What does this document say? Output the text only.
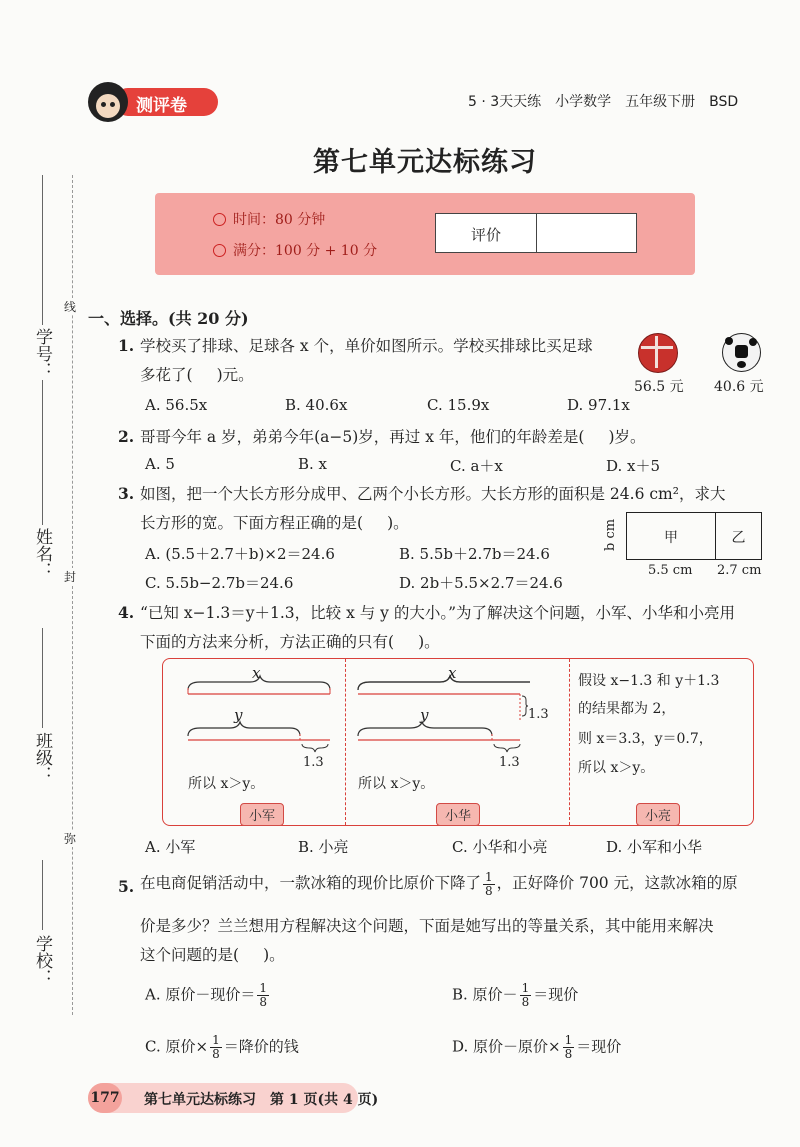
学校：
班级：
姓名：
学号：
线
封
弥
测评卷	5 · 3天天练　小学数学　五年级下册　BSD
第七单元达标练习
时间：80 分钟
满分：100 分 + 10 分
评价
一、选择。(共 20 分)
1. 学校买了排球、足球各 x 个，单价如图所示。学校买排球比买足球
多花了( )元。
56.5 元 40.6 元
A. 56.5x	B. 40.6x	C. 15.9x	D. 97.1x
2. 哥哥今年 a 岁，弟弟今年(a−5)岁，再过 x 年，他们的年龄差是( )岁。
A. 5	B. x	C. a＋x	D. x＋5
3. 如图，把一个大长方形分成甲、乙两个小长方形。大长方形的面积是 24.6 cm²，求大
长方形的宽。下面方程正确的是( )。
A. (5.5＋2.7＋b)×2＝24.6	B. 5.5b＋2.7b＝24.6
C. 5.5b−2.7b＝24.6	D. 2b＋5.5×2.7＝24.6
甲	乙
b cm
5.5 cm 2.7 cm
4. “已知 x−1.3＝y＋1.3，比较 x 与 y 的大小。”为了解决这个问题，小军、小华和小亮用
下面的方法来分析，方法正确的只有( )。
x
y
1.3
所以 x＞y。
小军
x
y	1.3
1.3
所以 x＞y。
小华
假设 x−1.3 和 y＋1.3
的结果都为 2，
则 x＝3.3，y＝0.7，
所以 x＞y。
小亮
A. 小军	B. 小亮	C. 小华和小亮	D. 小军和小华
5. 在电商促销活动中，一款冰箱的现价比原价下降了 $\frac{1}{8}$ ，正好降价 700 元，这款冰箱的原
价是多少？兰兰想用方程解决这个问题，下面是她写出的等量关系，其中能用来解决
这个问题的是( )。
A. 原价－现价＝ $\frac{1}{8}$	B. 原价－ $\frac{1}{8}$ ＝现价
C. 原价× $\frac{1}{8}$ ＝降价的钱	D. 原价－原价× $\frac{1}{8}$ ＝现价
177 第七单元达标练习　第 1 页(共 4 页)
